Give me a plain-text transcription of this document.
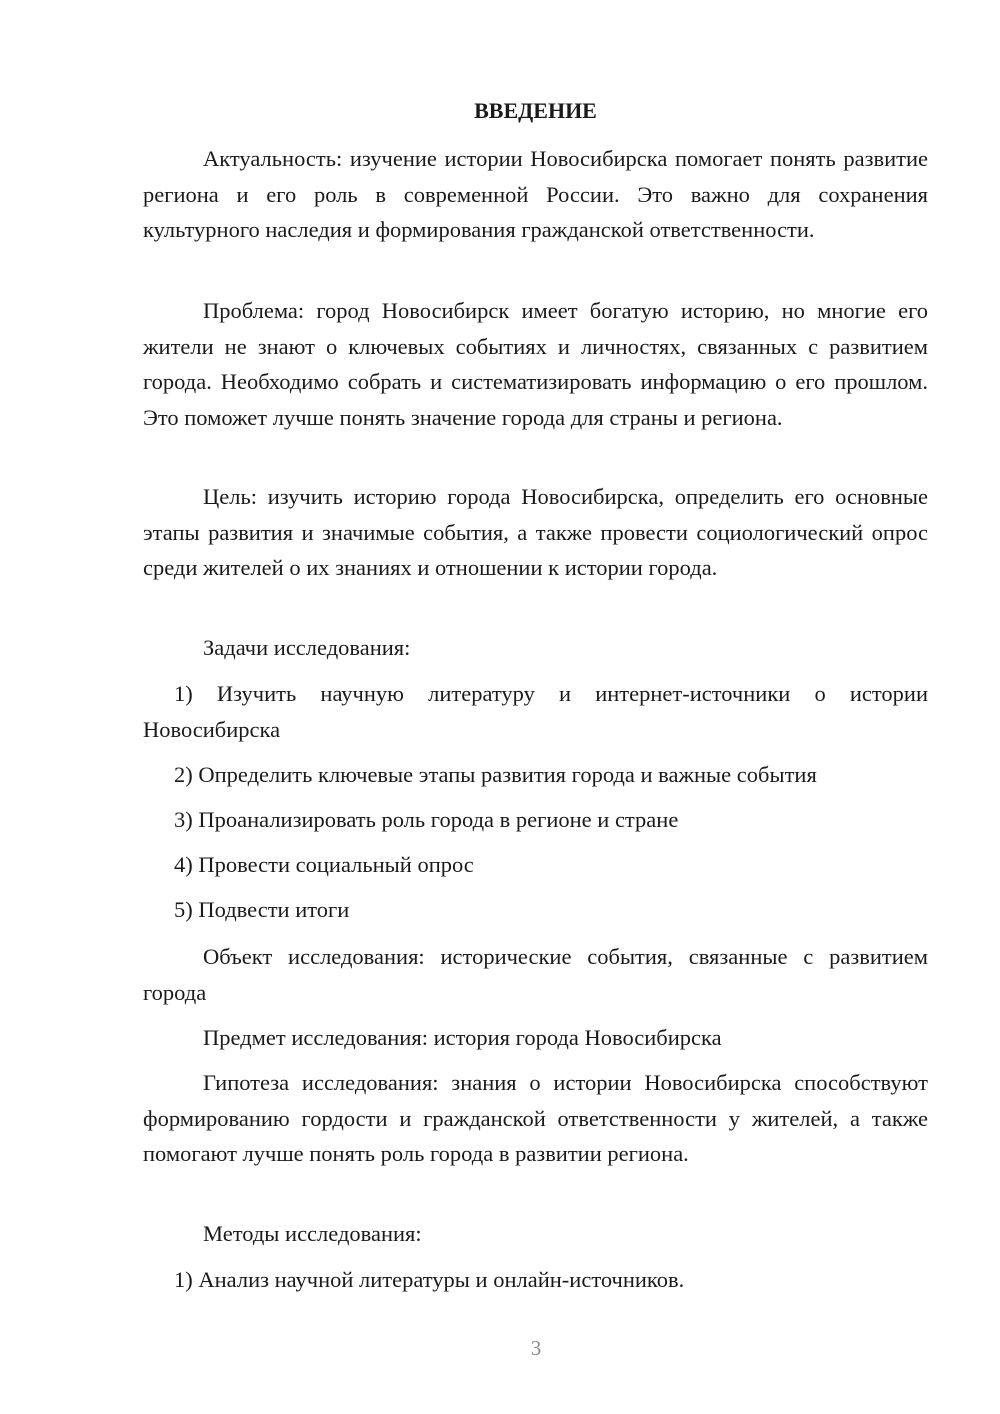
ВВЕДЕНИЕ

Актуальность: изучение истории Новосибирска помогает понять развитие региона и его роль в современной России. Это важно для сохранения культурного наследия и формирования гражданской ответственности.

Проблема: город Новосибирск имеет богатую историю, но многие его жители не знают о ключевых событиях и личностях, связанных с развитием города. Необходимо собрать и систематизировать информацию о его прошлом. Это поможет лучше понять значение города для страны и региона.

Цель: изучить историю города Новосибирска, определить его основные этапы развития и значимые события, а также провести социологический опрос среди жителей о их знаниях и отношении к истории города.

Задачи исследования:

1) Изучить научную литературу и интернет-источники о истории Новосибирска

2) Определить ключевые этапы развития города и важные события

3) Проанализировать роль города в регионе и стране

4) Провести социальный опрос

5) Подвести итоги

Объект исследования: исторические события, связанные с развитием города

Предмет исследования: история города Новосибирска

Гипотеза исследования: знания о истории Новосибирска способствуют формированию гордости и гражданской ответственности у жителей, а также помогают лучше понять роль города в развитии региона.

Методы исследования:

1) Анализ научной литературы и онлайн-источников.

3
